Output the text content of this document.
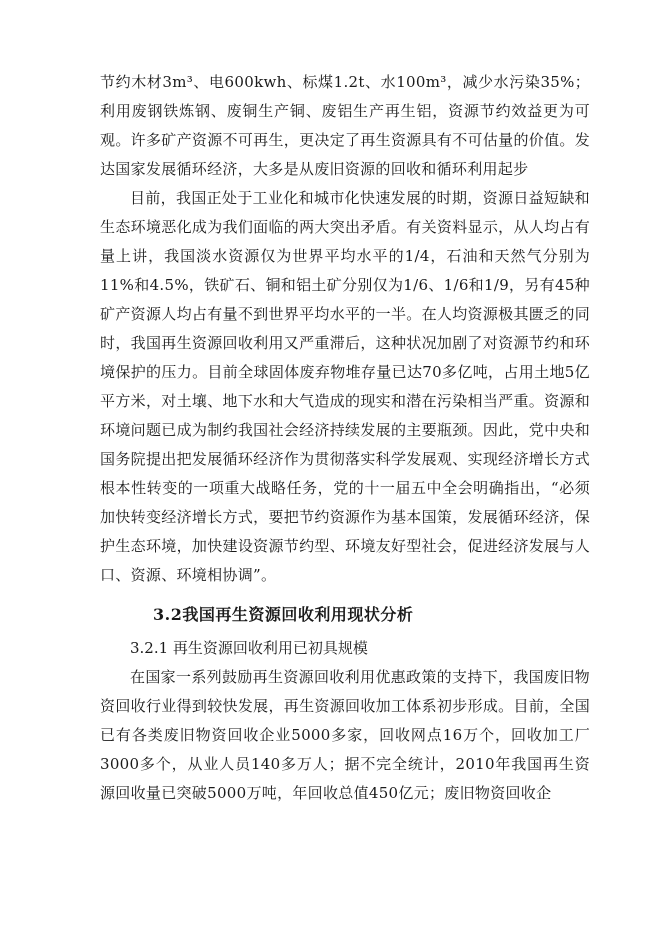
节约木材3m³、电600kwh、标煤1.2t、水100m³，减少水污染35%；利用废钢铁炼钢、废铜生产铜、废铝生产再生铝，资源节约效益更为可观。许多矿产资源不可再生，更决定了再生资源具有不可估量的价值。发达国家发展循环经济，大多是从废旧资源的回收和循环利用起步

目前，我国正处于工业化和城市化快速发展的时期，资源日益短缺和生态环境恶化成为我们面临的两大突出矛盾。有关资料显示，从人均占有量上讲，我国淡水资源仅为世界平均水平的1/4，石油和天然气分别为11%和4.5%，铁矿石、铜和铝土矿分别仅为1/6、1/6和1/9，另有45种矿产资源人均占有量不到世界平均水平的一半。在人均资源极其匮乏的同时，我国再生资源回收利用又严重滞后，这种状况加剧了对资源节约和环境保护的压力。目前全球固体废弃物堆存量已达70多亿吨，占用土地5亿平方米，对土壤、地下水和大气造成的现实和潜在污染相当严重。资源和环境问题已成为制约我国社会经济持续发展的主要瓶颈。因此，党中央和国务院提出把发展循环经济作为贯彻落实科学发展观、实现经济增长方式根本性转变的一项重大战略任务，党的十一届五中全会明确指出，“必须加快转变经济增长方式，要把节约资源作为基本国策，发展循环经济，保护生态环境，加快建设资源节约型、环境友好型社会，促进经济发展与人口、资源、环境相协调”。

3.2我国再生资源回收利用现状分析
3.2.1 再生资源回收利用已初具规模

在国家一系列鼓励再生资源回收利用优惠政策的支持下，我国废旧物资回收行业得到较快发展，再生资源回收加工体系初步形成。目前，全国已有各类废旧物资回收企业5000多家，回收网点16万个，回收加工厂3000多个，从业人员140多万人；据不完全统计，2010年我国再生资源回收量已突破5000万吨，年回收总值450亿元；废旧物资回收企
